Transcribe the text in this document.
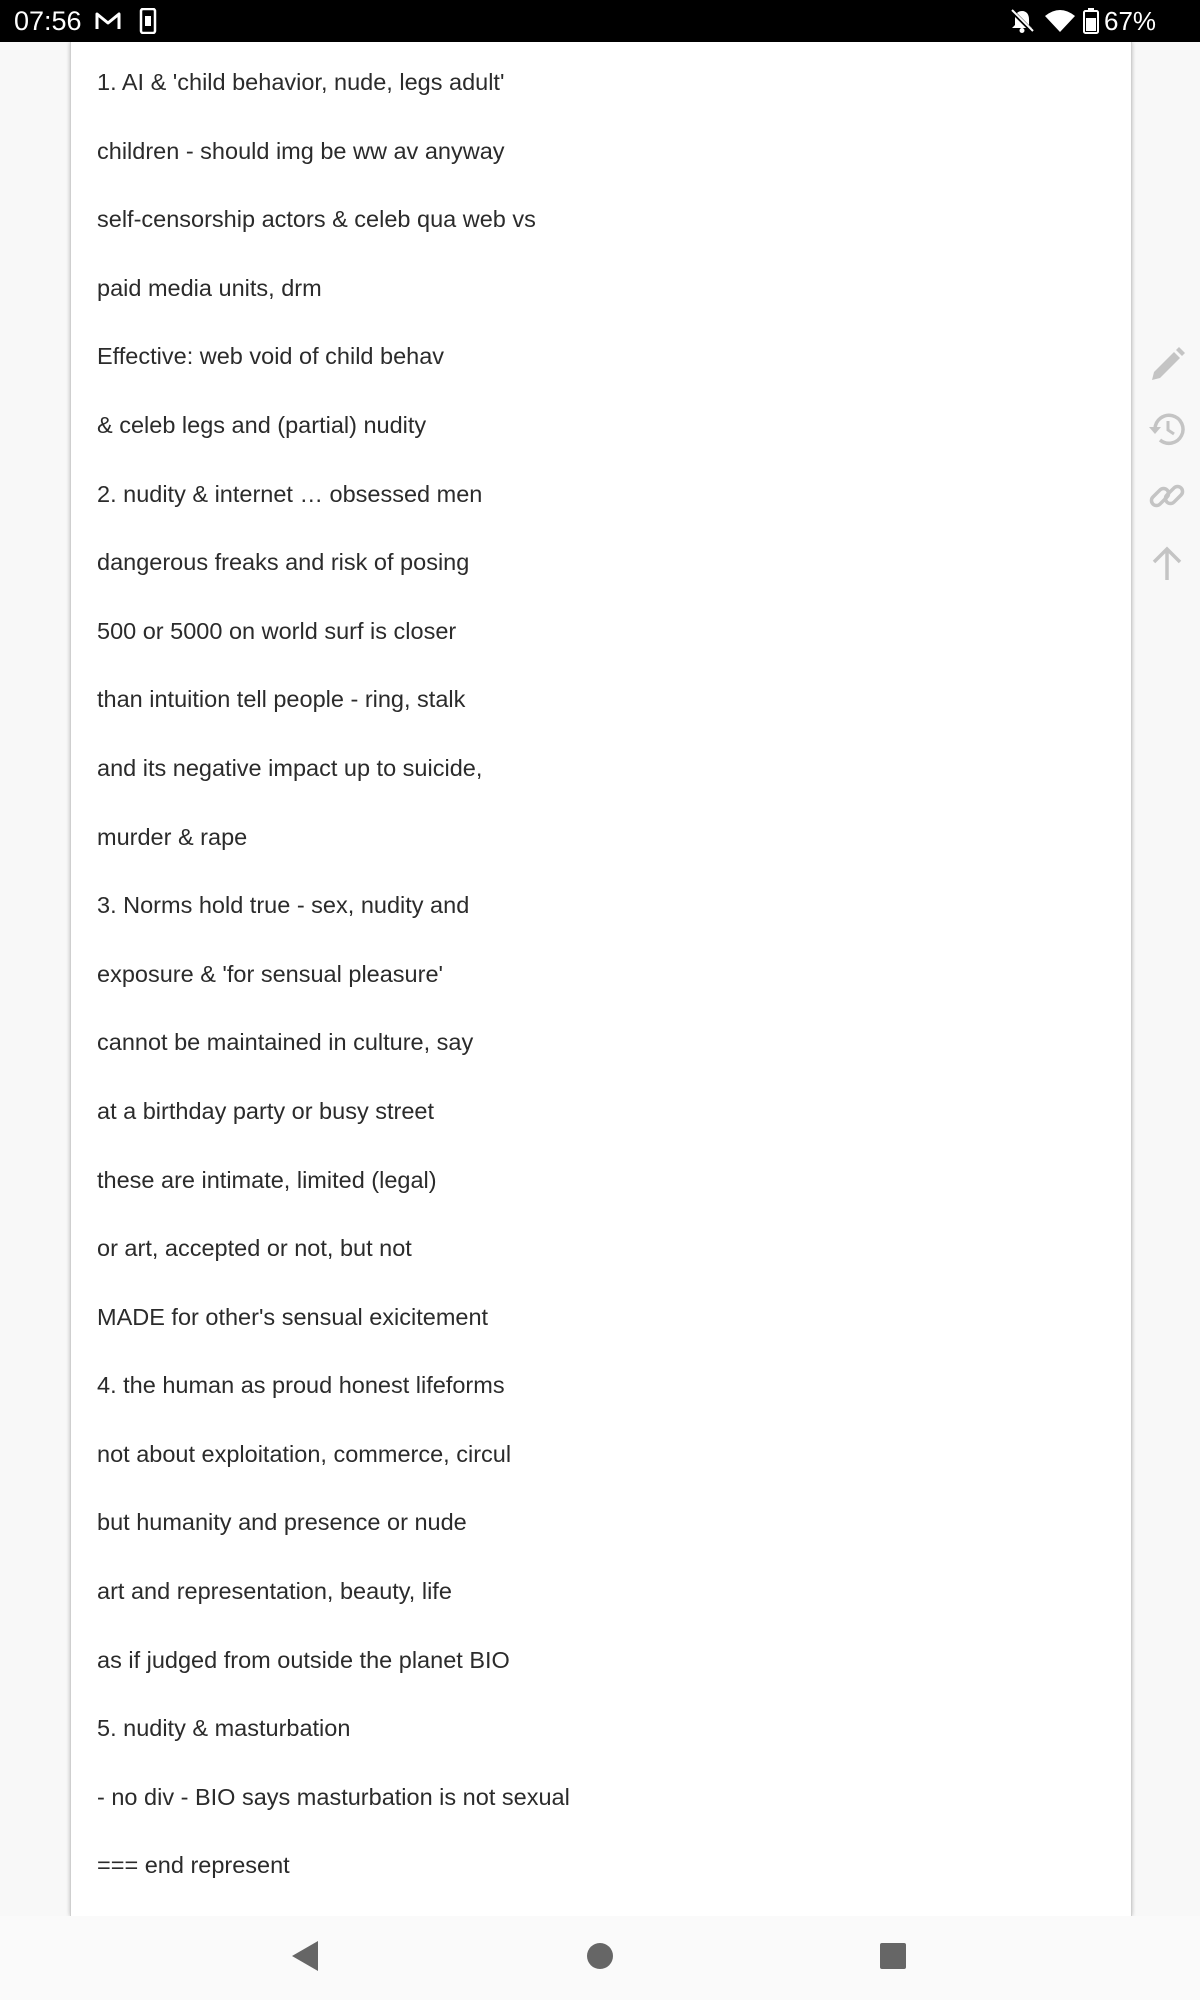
07:56	67%
1. AI & 'child behavior, nude, legs adult'
children - should img be ww av anyway
self-censorship actors & celeb qua web vs
paid media units, drm
Effective: web void of child behav
& celeb legs and (partial) nudity
2. nudity & internet … obsessed men
dangerous freaks and risk of posing
500 or 5000 on world surf is closer
than intuition tell people - ring, stalk
and its negative impact up to suicide,
murder & rape
3. Norms hold true - sex, nudity and
exposure & 'for sensual pleasure'
cannot be maintained in culture, say
at a birthday party or busy street
these are intimate, limited (legal)
or art, accepted or not, but not
MADE for other's sensual exicitement
4. the human as proud honest lifeforms
not about exploitation, commerce, circul
but humanity and presence or nude
art and representation, beauty, life
as if judged from outside the planet BIO
5. nudity & masturbation
- no div - BIO says masturbation is not sexual
=== end represent
